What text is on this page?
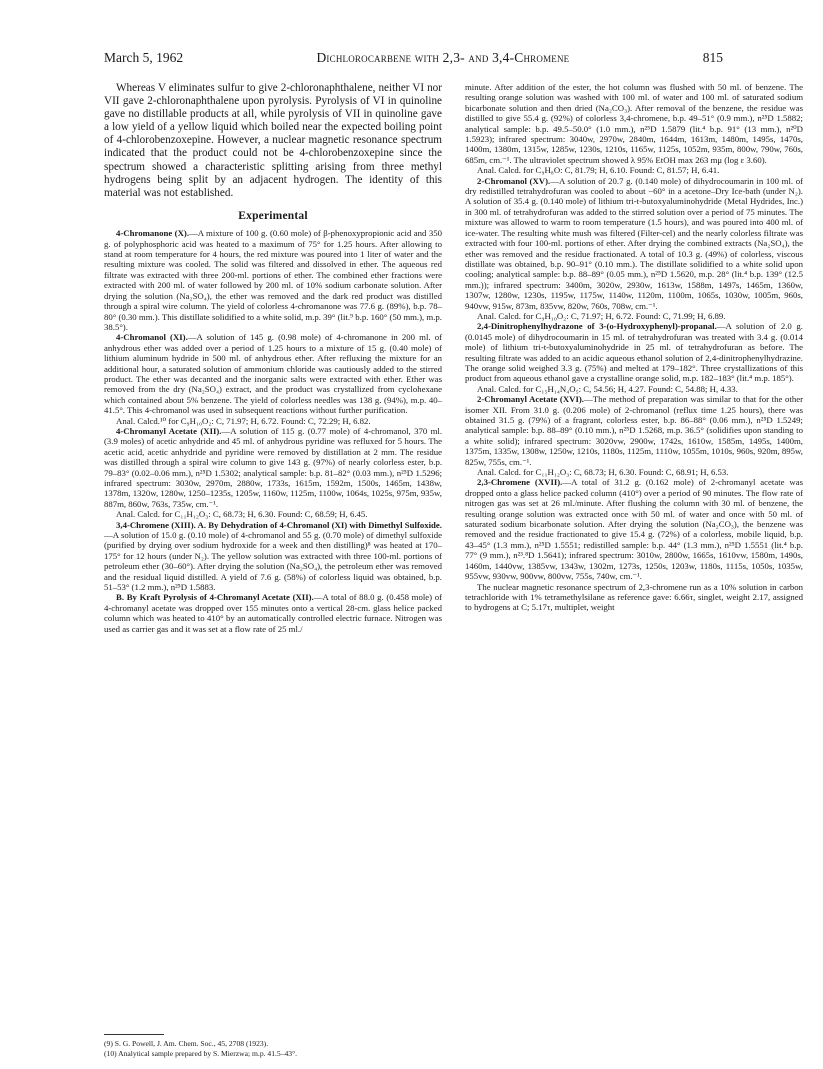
March 5, 1962	Dichlorocarbene with 2,3- and 3,4-Chromene	815

Whereas V eliminates sulfur to give 2-chloronaphthalene, neither VI nor VII gave 2-chloronaphthalene upon pyrolysis. Pyrolysis of VI in quinoline gave no distillable products at all, while pyrolysis of VII in quinoline gave a low yield of a yellow liquid which boiled near the expected boiling point of 4-chlorobenzoxepine. However, a nuclear magnetic resonance spectrum indicated that the product could not be 4-chlorobenzoxepine since the spectrum showed a characteristic splitting arising from three methyl hydrogens being split by an adjacent hydrogen. The identity of this material was not established.

Experimental

4-Chromanone (X).—A mixture of 100 g. (0.60 mole) of β-phenoxypropionic acid and 350 g. of polyphosphoric acid was heated to a maximum of 75° for 1.25 hours. After allowing to stand at room temperature for 4 hours, the red mixture was poured into 1 liter of water and the resulting mixture was cooled. The solid was filtered and dissolved in ether. The aqueous red filtrate was extracted with three 200-ml. portions of ether. The combined ether fractions were extracted with 200 ml. of water followed by 200 ml. of 10% sodium carbonate solution. After drying the solution (Na₂SO₄), the ether was removed and the dark red product was distilled through a spiral wire column. The yield of colorless 4-chromanone was 77.6 g. (89%), b.p. 78–80° (0.30 mm.). This distillate solidified to a white solid, m.p. 39° (lit.⁹ b.p. 160° (50 mm.), m.p. 38.5°).

4-Chromanol (XI).—A solution of 145 g. (0.98 mole) of 4-chromanone in 200 ml. of anhydrous ether was added over a period of 1.25 hours to a mixture of 15 g. (0.40 mole) of lithium aluminum hydride in 500 ml. of anhydrous ether. After refluxing the mixture for an additional hour, a saturated solution of ammonium chloride was cautiously added to the stirred product. The ether was decanted and the inorganic salts were extracted with ether. Ether was removed from the dry (Na₂SO₄) extract, and the product was crystallized from cyclohexane which contained about 5% benzene. The yield of colorless needles was 138 g. (94%), m.p. 40–41.5°. This 4-chromanol was used in subsequent reactions without further purification.

Anal. Calcd.¹⁰ for C₉H₁₀O₂: C, 71.97; H, 6.72. Found: C, 72.29; H, 6.82.

4-Chromanyl Acetate (XII).—A solution of 115 g. (0.77 mole) of 4-chromanol, 370 ml. (3.9 moles) of acetic anhydride and 45 ml. of anhydrous pyridine was refluxed for 5 hours. The acetic acid, acetic anhydride and pyridine were removed by distillation at 2 mm. The residue was distilled through a spiral wire column to give 143 g. (97%) of nearly colorless ester, b.p. 79–83° (0.02–0.06 mm.), n²⁵D 1.5302; analytical sample: b.p. 81–82° (0.03 mm.), n²⁵D 1.5296; infrared spectrum: 3030w, 2970m, 2880w, 1733s, 1615m, 1592m, 1500s, 1465m, 1438w, 1378m, 1320w, 1280w, 1250–1235s, 1205w, 1160w, 1125m, 1100w, 1064s, 1025s, 975m, 935w, 887m, 860w, 763s, 735w, cm.⁻¹.

Anal. Calcd. for C₁₁H₁₂O₃: C, 68.73; H, 6.30. Found: C, 68.59; H, 6.45.

3,4-Chromene (XIII). A. By Dehydration of 4-Chromanol (XI) with Dimethyl Sulfoxide.—A solution of 15.0 g. (0.10 mole) of 4-chromanol and 55 g. (0.70 mole) of dimethyl sulfoxide (purified by drying over sodium hydroxide for a week and then distilling)⁸ was heated at 170–175° for 12 hours (under N₂). The yellow solution was extracted with three 100-ml. portions of petroleum ether (30–60°). After drying the solution (Na₂SO₄), the petroleum ether was removed and the residual liquid distilled. A yield of 7.6 g. (58%) of colorless liquid was obtained, b.p. 51–53° (1.2 mm.), n²⁵D 1.5883.

B. By Kraft Pyrolysis of 4-Chromanyl Acetate (XII).—A total of 88.0 g. (0.458 mole) of 4-chromanyl acetate was dropped over 155 minutes onto a vertical 28-cm. glass helice packed column which was heated to 410° by an automatically controlled electric furnace. Nitrogen was used as carrier gas and it was set at a flow rate of 25 ml./

minute. After addition of the ester, the hot column was flushed with 50 ml. of benzene. The resulting orange solution was washed with 100 ml. of water and 100 ml. of saturated sodium bicarbonate solution and then dried (Na₂CO₃). After removal of the benzene, the residue was distilled to give 55.4 g. (92%) of colorless 3,4-chromene, b.p. 49–51° (0.9 mm.), n²⁵D 1.5882; analytical sample: b.p. 49.5–50.0° (1.0 mm.), n²⁵D 1.5879 (lit.⁴ b.p. 91° (13 mm.), n²⁰D 1.5923); infrared spectrum: 3040w, 2970w, 2840m, 1644m, 1613m, 1480m, 1495s, 1470s, 1400m, 1380m, 1315w, 1285w, 1230s, 1210s, 1165w, 1125s, 1052m, 935m, 800w, 790w, 760s, 685m, cm.⁻¹. The ultraviolet spectrum showed λ 95% EtOH max 263 mμ (log ε 3.60).

Anal. Calcd. for C₉H₈O: C, 81.79; H, 6.10. Found: C, 81.57; H, 6.41.

2-Chromanol (XV).—A solution of 20.7 g. (0.140 mole) of dihydrocoumarin in 100 ml. of dry redistilled tetrahydrofuran was cooled to about −60° in a acetone–Dry Ice-bath (under N₂). A solution of 35.4 g. (0.140 mole) of lithium tri-t-butoxyaluminohydride (Metal Hydrides, Inc.) in 300 ml. of tetrahydrofuran was added to the stirred solution over a period of 75 minutes. The mixture was allowed to warm to room temperature (1.5 hours), and was poured into 400 ml. of ice-water. The resulting white mush was filtered (Filter-cel) and the nearly colorless filtrate was extracted with four 100-ml. portions of ether. After drying the combined extracts (Na₂SO₄), the ether was removed and the residue fractionated. A total of 10.3 g. (49%) of colorless, viscous distillate was obtained, b.p. 90–91° (0.10 mm.). The distillate solidified to a white solid upon cooling; analytical sample: b.p. 88–89° (0.05 mm.), n²⁵D 1.5620, m.p. 28° (lit.⁴ b.p. 139° (12.5 mm.)); infrared spectrum: 3400m, 3020w, 2930w, 1613w, 1588m, 1497s, 1465m, 1360w, 1307w, 1280w, 1230s, 1195w, 1175w, 1140w, 1120m, 1100m, 1065s, 1030w, 1005m, 960s, 940vw, 915w, 873m, 835vw, 820w, 760s, 708w, cm.⁻¹.

Anal. Calcd. for C₉H₁₀O₂: C, 71.97; H, 6.72. Found: C, 71.99; H, 6.89.

2,4-Dinitrophenylhydrazone of 3-(o-Hydroxyphenyl)-propanal.—A solution of 2.0 g. (0.0145 mole) of dihydrocoumarin in 15 ml. of tetrahydrofuran was treated with 3.4 g. (0.014 mole) of lithium tri-t-butoxyaluminohydride in 25 ml. of tetrahydrofuran as before. The resulting filtrate was added to an acidic aqueous ethanol solution of 2,4-dinitrophenylhydrazine. The orange solid weighed 3.3 g. (75%) and melted at 179–182°. Three crystallizations of this product from aqueous ethanol gave a crystalline orange solid, m.p. 182–183° (lit.⁴ m.p. 185°).

Anal. Calcd. for C₁₅H₁₄N₄O₅: C, 54.56; H, 4.27. Found: C, 54.88; H, 4.33.

2-Chromanyl Acetate (XVI).—The method of preparation was similar to that for the other isomer XII. From 31.0 g. (0.206 mole) of 2-chromanol (reflux time 1.25 hours), there was obtained 31.5 g. (79%) of a fragrant, colorless ester, b.p. 86–88° (0.06 mm.), n²⁵D 1.5249; analytical sample: b.p. 88–89° (0.10 mm.), n²⁵D 1.5268, m.p. 36.5° (solidifies upon standing to a white solid); infrared spectrum: 3020vw, 2900w, 1742s, 1610w, 1585m, 1495s, 1400m, 1375m, 1335w, 1308w, 1250w, 1210s, 1180s, 1125m, 1110w, 1055m, 1010s, 960s, 920m, 895w, 825w, 755s, cm.⁻¹.

Anal. Calcd. for C₁₁H₁₂O₃: C, 68.73; H, 6.30. Found: C, 68.91; H, 6.53.

2,3-Chromene (XVII).—A total of 31.2 g. (0.162 mole) of 2-chromanyl acetate was dropped onto a glass helice packed column (410°) over a period of 90 minutes. The flow rate of nitrogen gas was set at 26 ml./minute. After flushing the column with 30 ml. of benzene, the resulting orange solution was extracted once with 50 ml. of water and once with 50 ml. of saturated sodium bicarbonate solution. After drying the solution (Na₂CO₃), the benzene was removed and the residue fractionated to give 15.4 g. (72%) of a colorless, mobile liquid, b.p. 43–45° (1.3 mm.), n²⁵D 1.5551; redistilled sample: b.p. 44° (1.3 mm.), n²⁵D 1.5551 (lit.⁴ b.p. 77° (9 mm.), n²³.⁸D 1.5641); infrared spectrum: 3010w, 2800w, 1665s, 1610vw, 1580m, 1490s, 1460m, 1440vw, 1385vw, 1343w, 1302m, 1273s, 1250s, 1203w, 1180s, 1115s, 1050s, 1035w, 955vw, 930vw, 900vw, 800vw, 755s, 740w, cm.⁻¹.

The nuclear magnetic resonance spectrum of 2,3-chromene run as a 10% solution in carbon tetrachloride with 1% tetramethylsilane as reference gave: 6.66τ, singlet, weight 2.17, assigned to hydrogens at C; 5.17τ, multiplet, weight

(9) S. G. Powell, J. Am. Chem. Soc., 45, 2708 (1923).
(10) Analytical sample prepared by S. Mierzwa; m.p. 41.5–43°.
